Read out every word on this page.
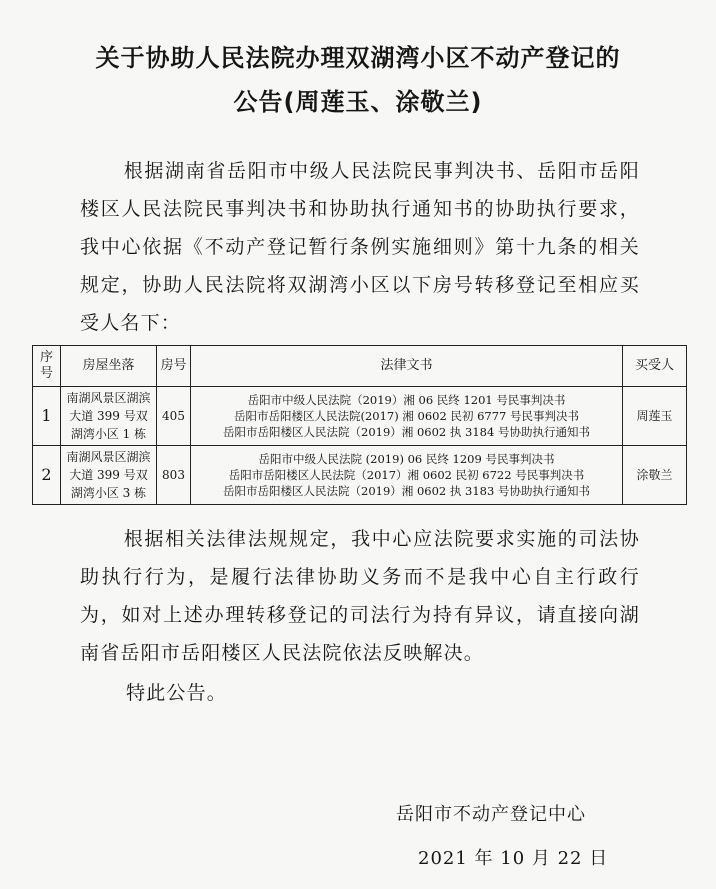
关于协助人民法院办理双湖湾小区不动产登记的
公告(周莲玉、涂敬兰)
根据湖南省岳阳市中级人民法院民事判决书、岳阳市岳阳楼区人民法院民事判决书和协助执行通知书的协助执行要求，我中心依据《不动产登记暂行条例实施细则》第十九条的相关规定，协助人民法院将双湖湾小区以下房号转移登记至相应买受人名下：
序号	房屋坐落	房号	法律文书	买受人
1	南湖风景区湖滨大道 399 号双湖湾小区 1 栋	405	岳阳市中级人民法院（2019）湘 06 民终 1201 号民事判决书
岳阳市岳阳楼区人民法院(2017) 湘 0602 民初 6777 号民事判决书
岳阳市岳阳楼区人民法院（2019）湘 0602 执 3184 号协助执行通知书	周莲玉
2	南湖风景区湖滨大道 399 号双湖湾小区 3 栋	803	岳阳市中级人民法院 (2019) 06 民终 1209 号民事判决书
岳阳市岳阳楼区人民法院（2017）湘 0602 民初 6722 号民事判决书
岳阳市岳阳楼区人民法院（2019）湘 0602 执 3183 号协助执行通知书	涂敬兰
根据相关法律法规规定，我中心应法院要求实施的司法协助执行行为，是履行法律协助义务而不是我中心自主行政行为，如对上述办理转移登记的司法行为持有异议，请直接向湖南省岳阳市岳阳楼区人民法院依法反映解决。
特此公告。
岳阳市不动产登记中心
2021 年 10 月 22 日
